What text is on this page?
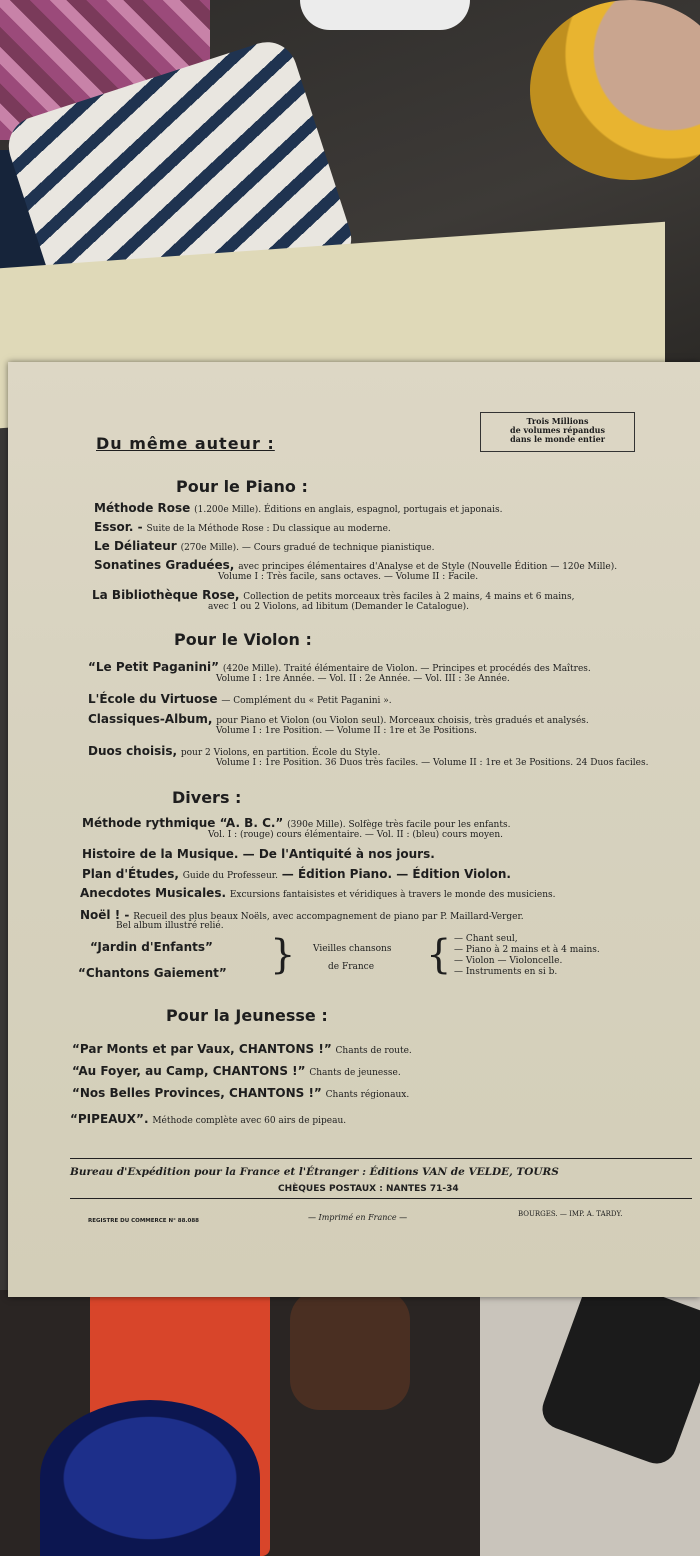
Du même auteur :
Trois Millions
de volumes répandus
dans le monde entier
Pour le Piano :
Méthode Rose (1.200e Mille). Éditions en anglais, espagnol, portugais et japonais.
Essor. - Suite de la Méthode Rose : Du classique au moderne.
Le Déliateur (270e Mille). — Cours gradué de technique pianistique.
Sonatines Graduées, avec principes élémentaires d'Analyse et de Style (Nouvelle Édition — 120e Mille).
Volume I : Très facile, sans octaves. — Volume II : Facile.
La Bibliothèque Rose, Collection de petits morceaux très faciles à 2 mains, 4 mains et 6 mains,
avec 1 ou 2 Violons, ad libitum (Demander le Catalogue).
Pour le Violon :
“Le Petit Paganini” (420e Mille). Traité élémentaire de Violon. — Principes et procédés des Maîtres.
Volume I : 1re Année. — Vol. II : 2e Année. — Vol. III : 3e Année.
L'École du Virtuose — Complément du « Petit Paganini ».
Classiques-Album, pour Piano et Violon (ou Violon seul). Morceaux choisis, très gradués et analysés.
Volume I : 1re Position. — Volume II : 1re et 3e Positions.
Duos choisis, pour 2 Violons, en partition. École du Style.
Volume I : 1re Position. 36 Duos très faciles. — Volume II : 1re et 3e Positions. 24 Duos faciles.
Divers :
Méthode rythmique “A. B. C.” (390e Mille). Solfège très facile pour les enfants.
Vol. I : (rouge) cours élémentaire. — Vol. II : (bleu) cours moyen.
Histoire de la Musique. — De l'Antiquité à nos jours.
Plan d'Études, Guide du Professeur. — Édition Piano. — Édition Violon.
Anecdotes Musicales. Excursions fantaisistes et véridiques à travers le monde des musiciens.
Noël ! - Recueil des plus beaux Noëls, avec accompagnement de piano par P. Maillard-Verger.
Bel album illustré relié.
“Jardin d'Enfants”
“Chantons Gaiement” } Vieilles chansons
de France { — Chant seul,
— Piano à 2 mains et à 4 mains.
— Violon — Violoncelle.
— Instruments en si b.
Pour la Jeunesse :
“Par Monts et par Vaux, CHANTONS !” Chants de route.
“Au Foyer, au Camp, CHANTONS !” Chants de jeunesse.
“Nos Belles Provinces, CHANTONS !” Chants régionaux.
“PIPEAUX”. Méthode complète avec 60 airs de pipeau.
Bureau d'Expédition pour la France et l'Étranger : Éditions VAN de VELDE, TOURS
CHÈQUES POSTAUX : NANTES 71-34
REGISTRE DU COMMERCE N° 88.088	— Imprimé en France —	BOURGES. — IMP. A. TARDY.
